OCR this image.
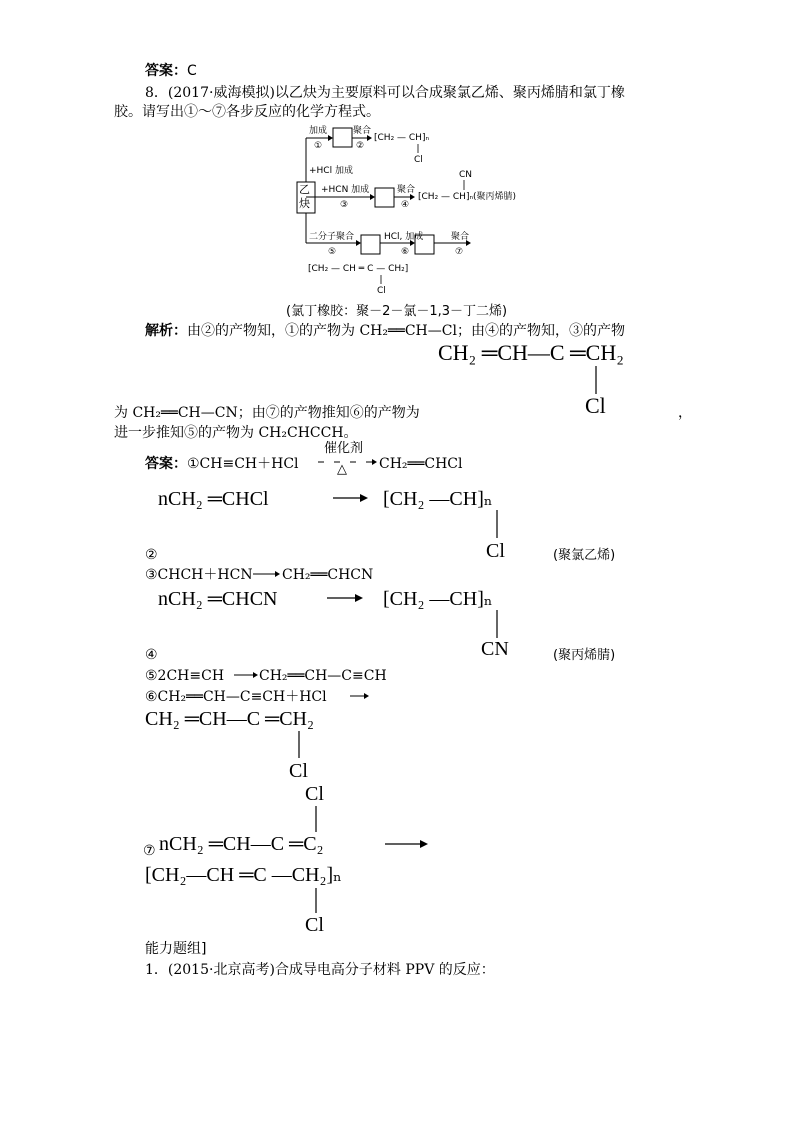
答案：C
8．(2017·威海模拟)以乙炔为主要原料可以合成聚氯乙烯、聚丙烯腈和氯丁橡
胶。请写出①～⑦各步反应的化学方程式。
加成
①
聚合
②
[CH₂ — CH]ₙ
Cl
+HCl 加成
乙
炔
+HCN 加成
③
聚合
④
CN
[CH₂ — CH]ₙ(聚丙烯腈)
二分子聚合
⑤
HCl, 加成
⑥
聚合
⑦
[CH₂ — CH ═ C — CH₂]
Cl
(氯丁橡胶：聚－2－氯－1,3－丁二烯)
解析：由②的产物知，①的产物为 CH₂══CH—Cl；由④的产物知，③的产物
CH₂ ═CH—C ═CH₂
Cl
为 CH₂══CH—CN；由⑦的产物推知⑥的产物为	，
进一步推知⑤的产物为 CH₂CHCCH。
答案：①CH≡CH＋HCl
催化剂
△ CH₂══CHCl
nCH₂ ═CHCl	[CH₂ —CH]ₙ
Cl	(聚氯乙烯)
②
③CHCH＋HCN CH₂══CHCN
nCH₂ ═CHCN	[CH₂ —CH]ₙ
CN	(聚丙烯腈)
④
⑤2CH≡CH CH₂══CH—C≡CH
⑥CH₂══CH—C≡CH＋HCl
CH₂ ═CH—C ═CH₂
Cl
Cl
⑦ nCH₂ ═CH—C ═C₂
[CH₂—CH ═C —CH₂]ₙ
Cl
能力题组]
1．(2015·北京高考)合成导电高分子材料 PPV 的反应：
